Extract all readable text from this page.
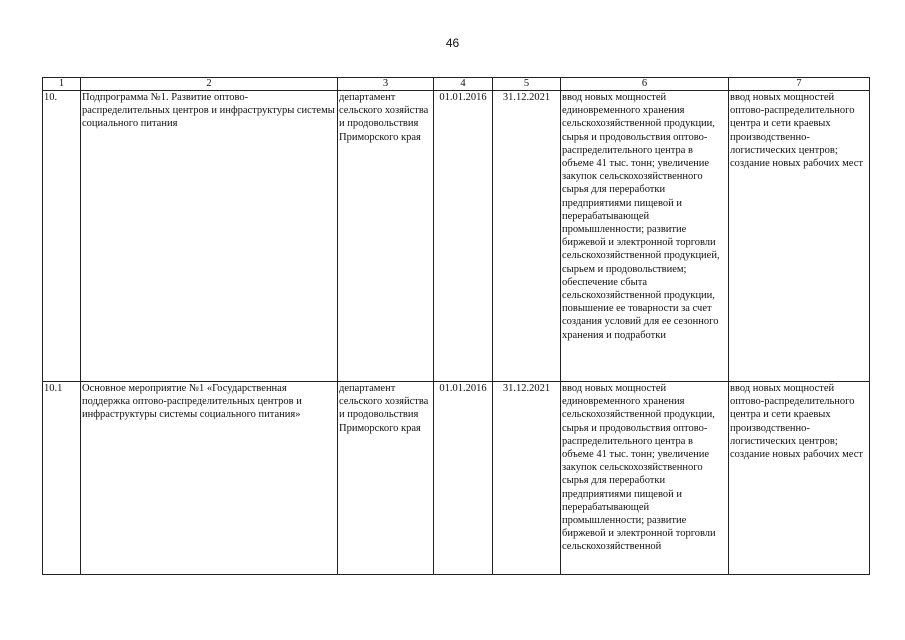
46
1	2	3	4	5	6	7
10.	Подпрограмма №1. Развитие оптово-распределительных центров и инфраструктуры системы социального питания	департамент сельского хозяйства и продовольствия Приморского края	01.01.2016	31.12.2021	ввод новых мощностей единовременного хранения сельскохозяйственной продукции, сырья и продовольствия оптово-распределительного центра в объеме 41 тыс. тонн; увеличение закупок сельскохозяйственного сырья для переработки предприятиями пищевой и перерабатывающей промышленности; развитие биржевой и электронной торговли сельскохозяйственной продукцией, сырьем и продовольствием; обеспечение сбыта сельскохозяйственной продукции, повышение ее товарности за счет создания условий для ее сезонного хранения и подработки	ввод новых мощностей оптово-распределительного центра и сети краевых производственно-логистических центров; создание новых рабочих мест
10.1	Основное мероприятие №1 «Государственная поддержка оптово-распределительных центров и инфраструктуры системы социального питания»	департамент сельского хозяйства и продовольствия Приморского края	01.01.2016	31.12.2021	ввод новых мощностей единовременного хранения сельскохозяйственной продукции, сырья и продовольствия оптово-распределительного центра в объеме 41 тыс. тонн; увеличение закупок сельскохозяйственного сырья для переработки предприятиями пищевой и перерабатывающей промышленности; развитие биржевой и электронной торговли сельскохозяйственной	ввод новых мощностей оптово-распределительного центра и сети краевых производственно-логистических центров; создание новых рабочих мест
